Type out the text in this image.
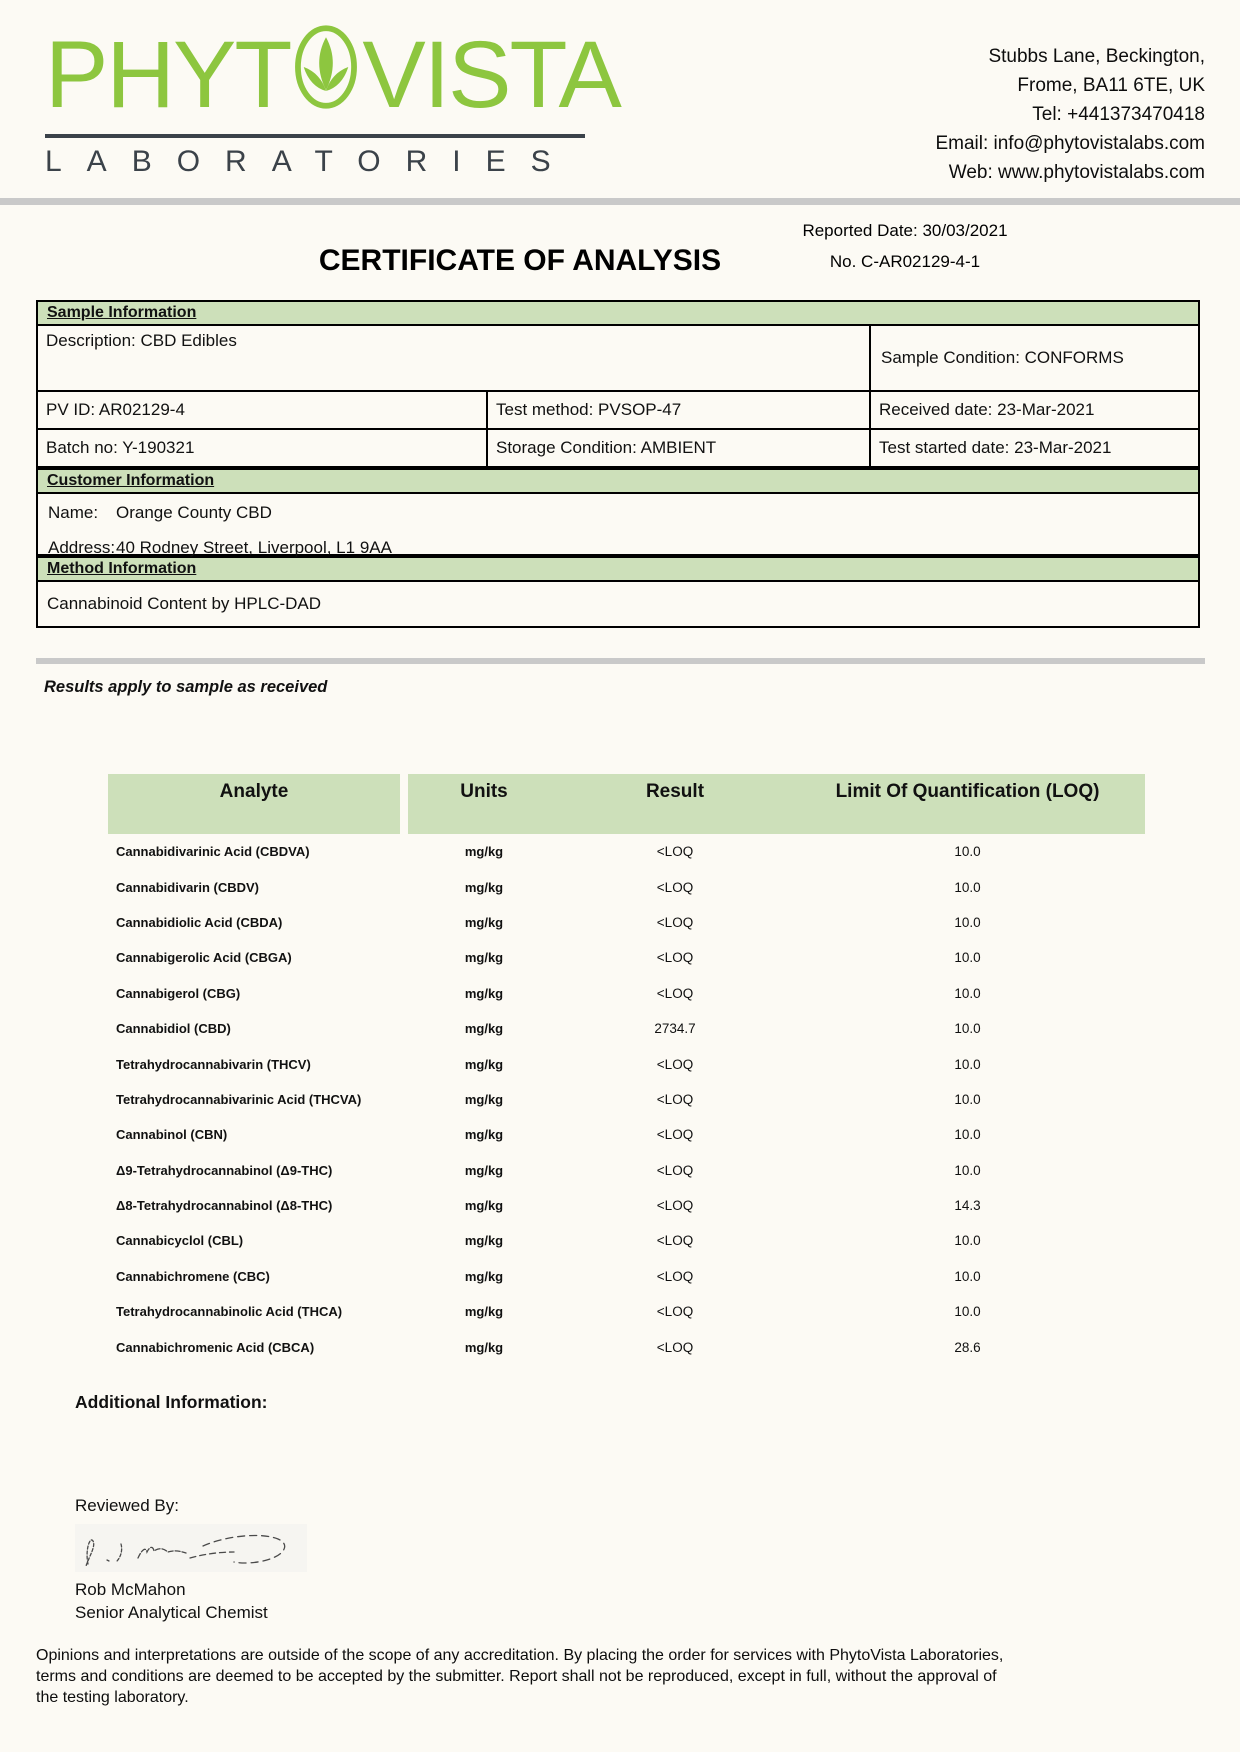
PHYT VISTA
LABORATORIES
Stubbs Lane, Beckington,
Frome, BA11 6TE, UK
Tel: +441373470418
Email: info@phytovistalabs.com
Web: www.phytovistalabs.com
CERTIFICATE OF ANALYSIS
Reported Date: 30/03/2021
No. C-AR02129-4-1
Sample Information
Description: CBD Edibles
Sample Condition: CONFORMS
PV ID: AR02129-4	Test method: PVSOP-47	Received date: 23-Mar-2021
Batch no: Y-190321	Storage Condition: AMBIENT	Test started date: 23-Mar-2021
Customer Information
Name:	Orange County CBD
Address: 40 Rodney Street, Liverpool, L1 9AA
Method Information
Cannabinoid Content by HPLC-DAD
Results apply to sample as received
Analyte	Units	Result	Limit Of Quantification (LOQ)
Cannabidivarinic Acid (CBDVA)	mg/kg	<LOQ	10.0
Cannabidivarin (CBDV)	mg/kg	<LOQ	10.0
Cannabidiolic Acid (CBDA)	mg/kg	<LOQ	10.0
Cannabigerolic Acid (CBGA)	mg/kg	<LOQ	10.0
Cannabigerol (CBG)	mg/kg	<LOQ	10.0
Cannabidiol (CBD)	mg/kg	2734.7	10.0
Tetrahydrocannabivarin (THCV)	mg/kg	<LOQ	10.0
Tetrahydrocannabivarinic Acid (THCVA)	mg/kg	<LOQ	10.0
Cannabinol (CBN)	mg/kg	<LOQ	10.0
Δ9-Tetrahydrocannabinol (Δ9-THC)	mg/kg	<LOQ	10.0
Δ8-Tetrahydrocannabinol (Δ8-THC)	mg/kg	<LOQ	14.3
Cannabicyclol (CBL)	mg/kg	<LOQ	10.0
Cannabichromene (CBC)	mg/kg	<LOQ	10.0
Tetrahydrocannabinolic Acid (THCA)	mg/kg	<LOQ	10.0
Cannabichromenic Acid (CBCA)	mg/kg	<LOQ	28.6
Additional Information:
Reviewed By:
Rob McMahon
Senior Analytical Chemist
Opinions and interpretations are outside of the scope of any accreditation. By placing the order for services with PhytoVista Laboratories,
terms and conditions are deemed to be accepted by the submitter. Report shall not be reproduced, except in full, without the approval of
the testing laboratory.
